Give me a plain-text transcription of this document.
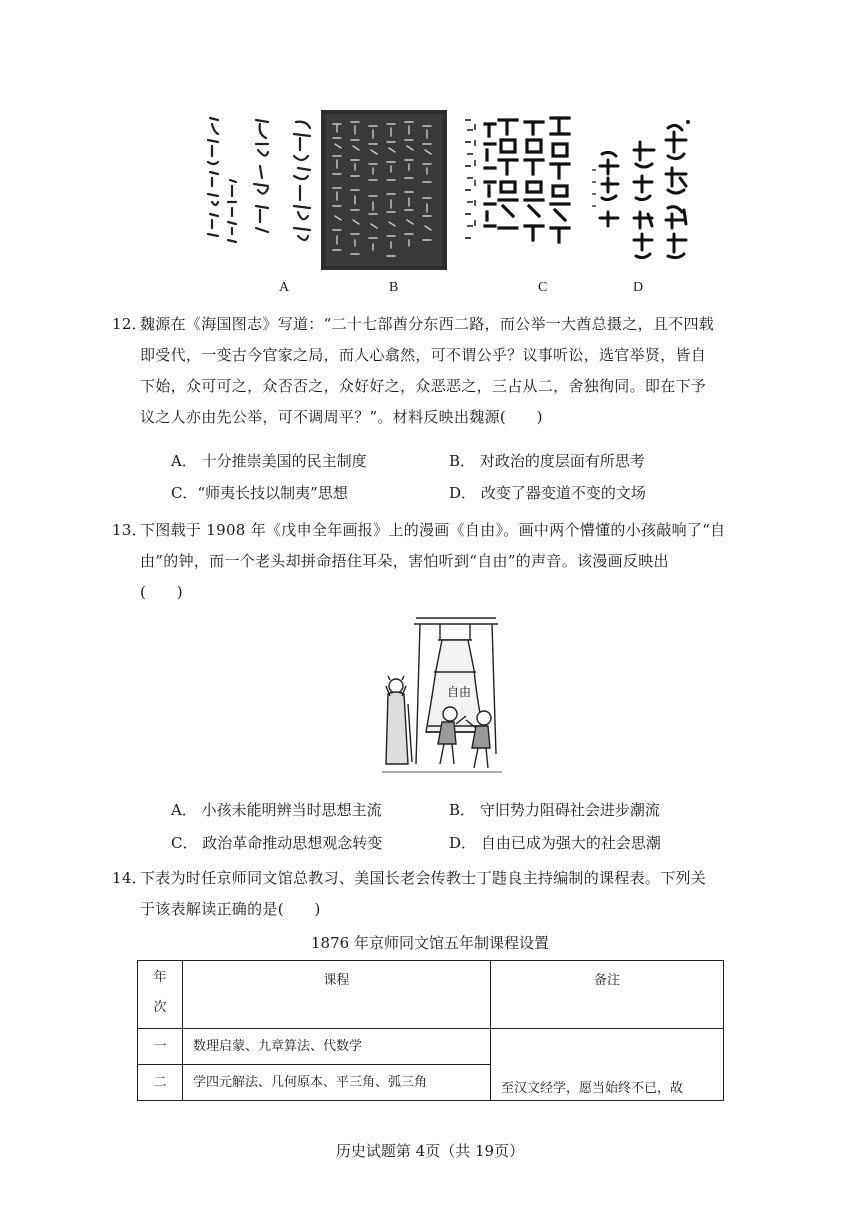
A	B	C	D
12．魏源在《海国图志》写道：“二十七部酋分东西二路，而公举一大酋总摄之，且不四载
即受代，一变古今官家之局，而人心翕然，可不谓公乎？议事听讼，选官举贤，皆自
下始，众可可之，众否否之，众好好之，众恶恶之，三占从二，舍独徇同。即在下予
议之人亦由先公举，可不调周平？”。材料反映出魏源(　　)
A． 十分推崇美国的民主制度	B． 对政治的度层面有所思考
C．“师夷长技以制夷”思想	D． 改变了器变道不变的文场
13．下图载于 1908 年《戊申全年画报》上的漫画《自由》。画中两个懵懂的小孩敲响了“自
由”的钟，而一个老头却拼命捂住耳朵，害怕听到“自由”的声音。该漫画反映出
(　　)
自由
A． 小孩未能明辨当时思想主流	B． 守旧势力阻碍社会进步潮流
C． 政治革命推动思想观念转变	D． 自由已成为强大的社会思潮
14．下表为时任京师同文馆总教习、美国长老会传教士丁韪良主持编制的课程表。下列关
于该表解读正确的是(　　)
1876 年京师同文馆五年制课程设置
年
次	课程	备注
一	数理启蒙、九章算法、代数学	至汉文经学，愿当始终不已，故
二	学四元解法、几何原本、平三角、弧三角	
历史试题第 4页（共 19页）
